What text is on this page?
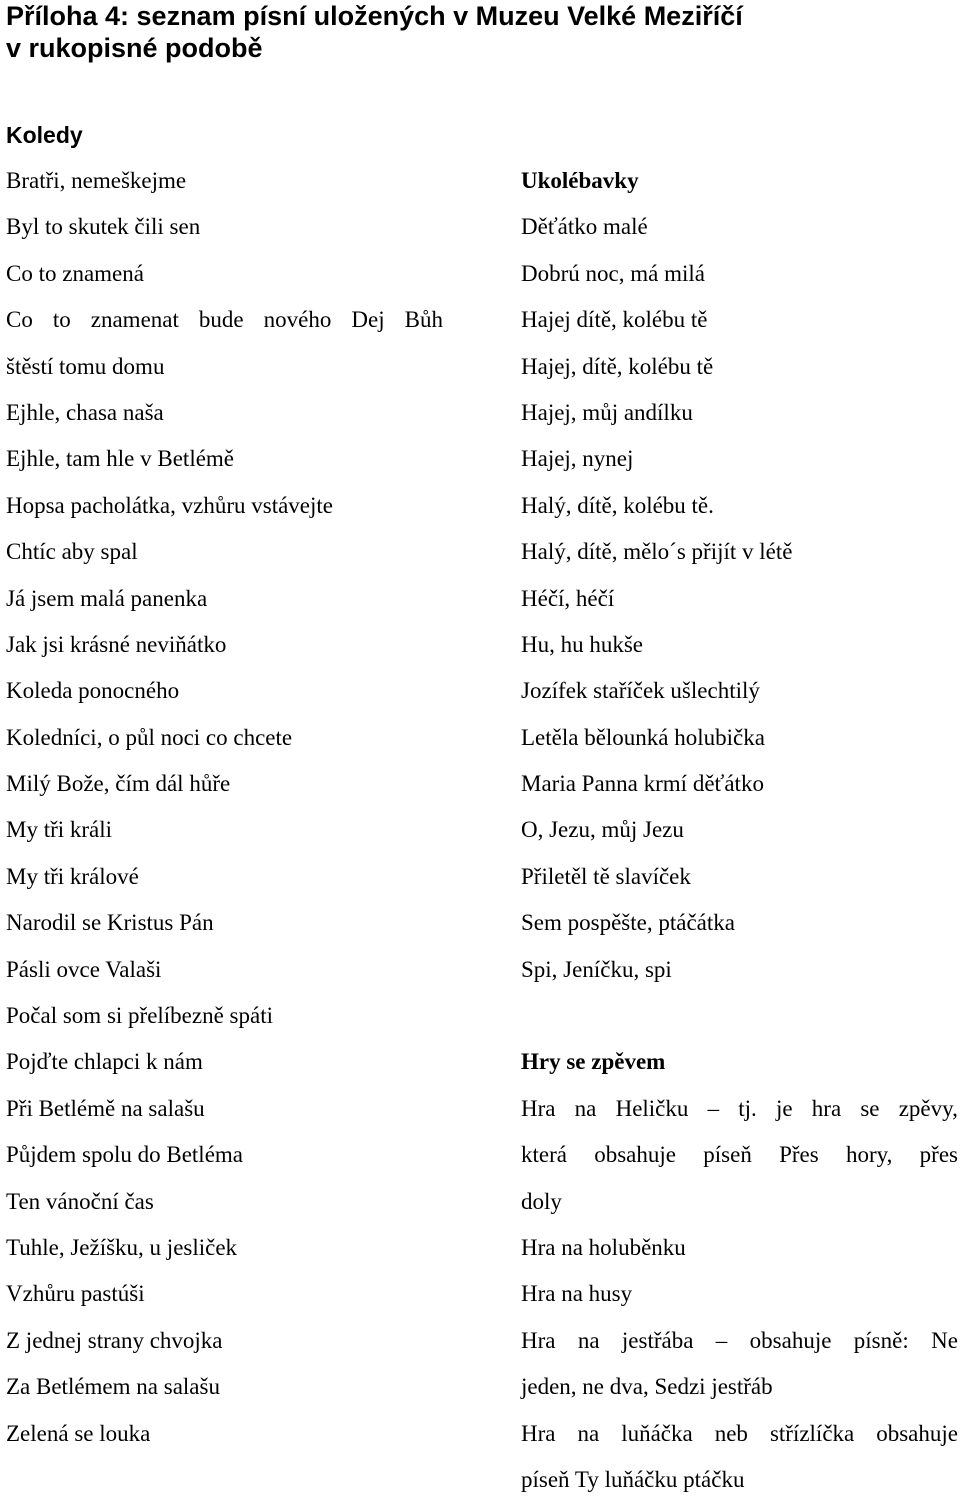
Příloha 4: seznam písní uložených v Muzeu Velké Meziříčí
v rukopisné podobě
Koledy
Bratři, nemeškejme
Byl to skutek čili sen
Co to znamená
Co to znamenat bude nového Dej Bůh
štěstí tomu domu
Ejhle, chasa naša
Ejhle, tam hle v Betlémě
Hopsa pacholátka, vzhůru vstávejte
Chtíc aby spal
Já jsem malá panenka
Jak jsi krásné neviňátko
Koleda ponocného
Koledníci, o půl noci co chcete
Milý Bože, čím dál hůře
My tři králi
My tři králové
Narodil se Kristus Pán
Pásli ovce Valaši
Počal som si přelíbezně spáti
Pojďte chlapci k nám
Při Betlémě na salašu
Půjdem spolu do Betléma
Ten vánoční čas
Tuhle, Ježíšku, u jesliček
Vzhůru pastúši
Z jednej strany chvojka
Za Betlémem na salašu
Zelená se louka
Ukolébavky
Děťátko malé
Dobrú noc, má milá
Hajej dítě, kolébu tě
Hajej, dítě, kolébu tě
Hajej, můj andílku
Hajej, nynej
Halý, dítě, kolébu tě.
Halý, dítě, mělo´s přijít v létě
Héčí, héčí
Hu, hu hukše
Jozífek staříček ušlechtilý
Letěla bělounká holubička
Maria Panna krmí děťátko
O, Jezu, můj Jezu
Přiletěl tě slavíček
Sem pospěšte, ptáčátka
Spi, Jeníčku, spi
Hry se zpěvem
Hra na Heličku – tj. je hra se zpěvy,
která obsahuje píseň Přes hory, přes
doly
Hra na holuběnku
Hra na husy
Hra na jestřába – obsahuje písně: Ne
jeden, ne dva, Sedzi jestřáb
Hra na luňáčka neb střízlíčka obsahuje
píseň Ty luňáčku ptáčku
